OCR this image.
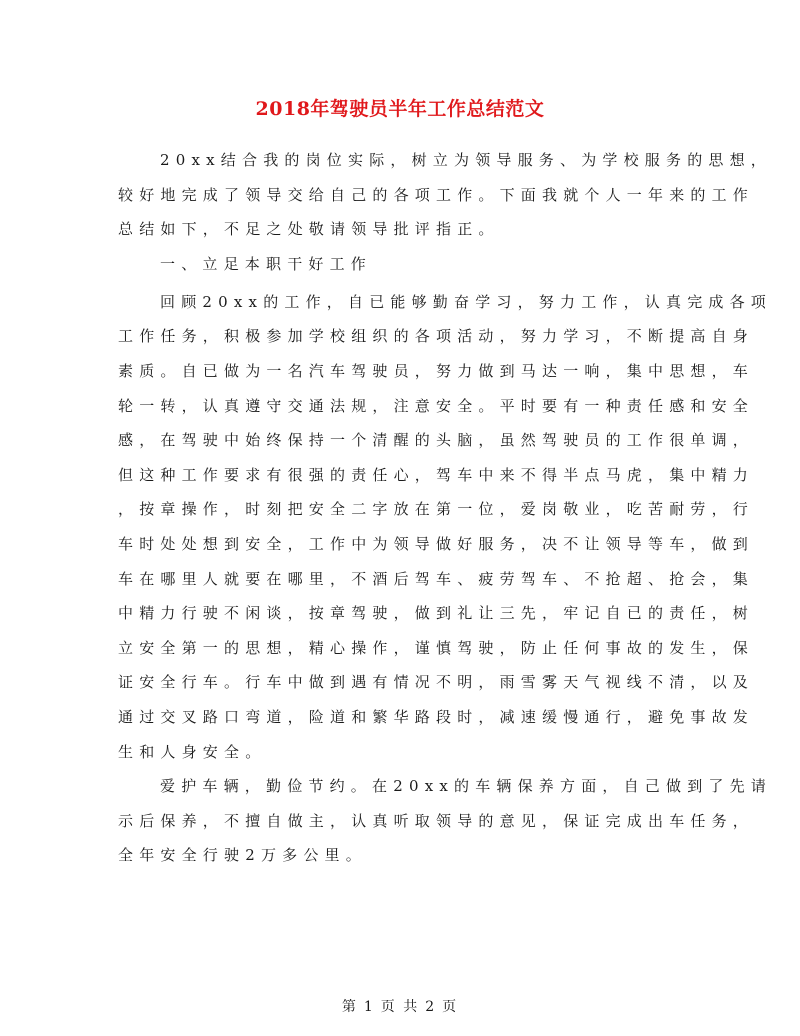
2018年驾驶员半年工作总结范文
20xx结合我的岗位实际，树立为领导服务、为学校服务的思想，
较好地完成了领导交给自己的各项工作。下面我就个人一年来的工作
总结如下，不足之处敬请领导批评指正。
一、立足本职干好工作
回顾20xx的工作，自已能够勤奋学习，努力工作，认真完成各项
工作任务，积极参加学校组织的各项活动，努力学习，不断提高自身
素质。自已做为一名汽车驾驶员，努力做到马达一响，集中思想，车
轮一转，认真遵守交通法规，注意安全。平时要有一种责任感和安全
感，在驾驶中始终保持一个清醒的头脑，虽然驾驶员的工作很单调，
但这种工作要求有很强的责任心，驾车中来不得半点马虎，集中精力
，按章操作，时刻把安全二字放在第一位，爱岗敬业，吃苦耐劳，行
车时处处想到安全，工作中为领导做好服务，决不让领导等车，做到
车在哪里人就要在哪里，不酒后驾车、疲劳驾车、不抢超、抢会，集
中精力行驶不闲谈，按章驾驶，做到礼让三先，牢记自已的责任，树
立安全第一的思想，精心操作，谨慎驾驶，防止任何事故的发生，保
证安全行车。行车中做到遇有情况不明，雨雪雾天气视线不清，以及
通过交叉路口弯道，险道和繁华路段时，减速缓慢通行，避免事故发
生和人身安全。
爱护车辆，勤俭节约。在20xx的车辆保养方面，自己做到了先请
示后保养，不擅自做主，认真听取领导的意见，保证完成出车任务，
全年安全行驶2万多公里。
第 1 页 共 2 页
